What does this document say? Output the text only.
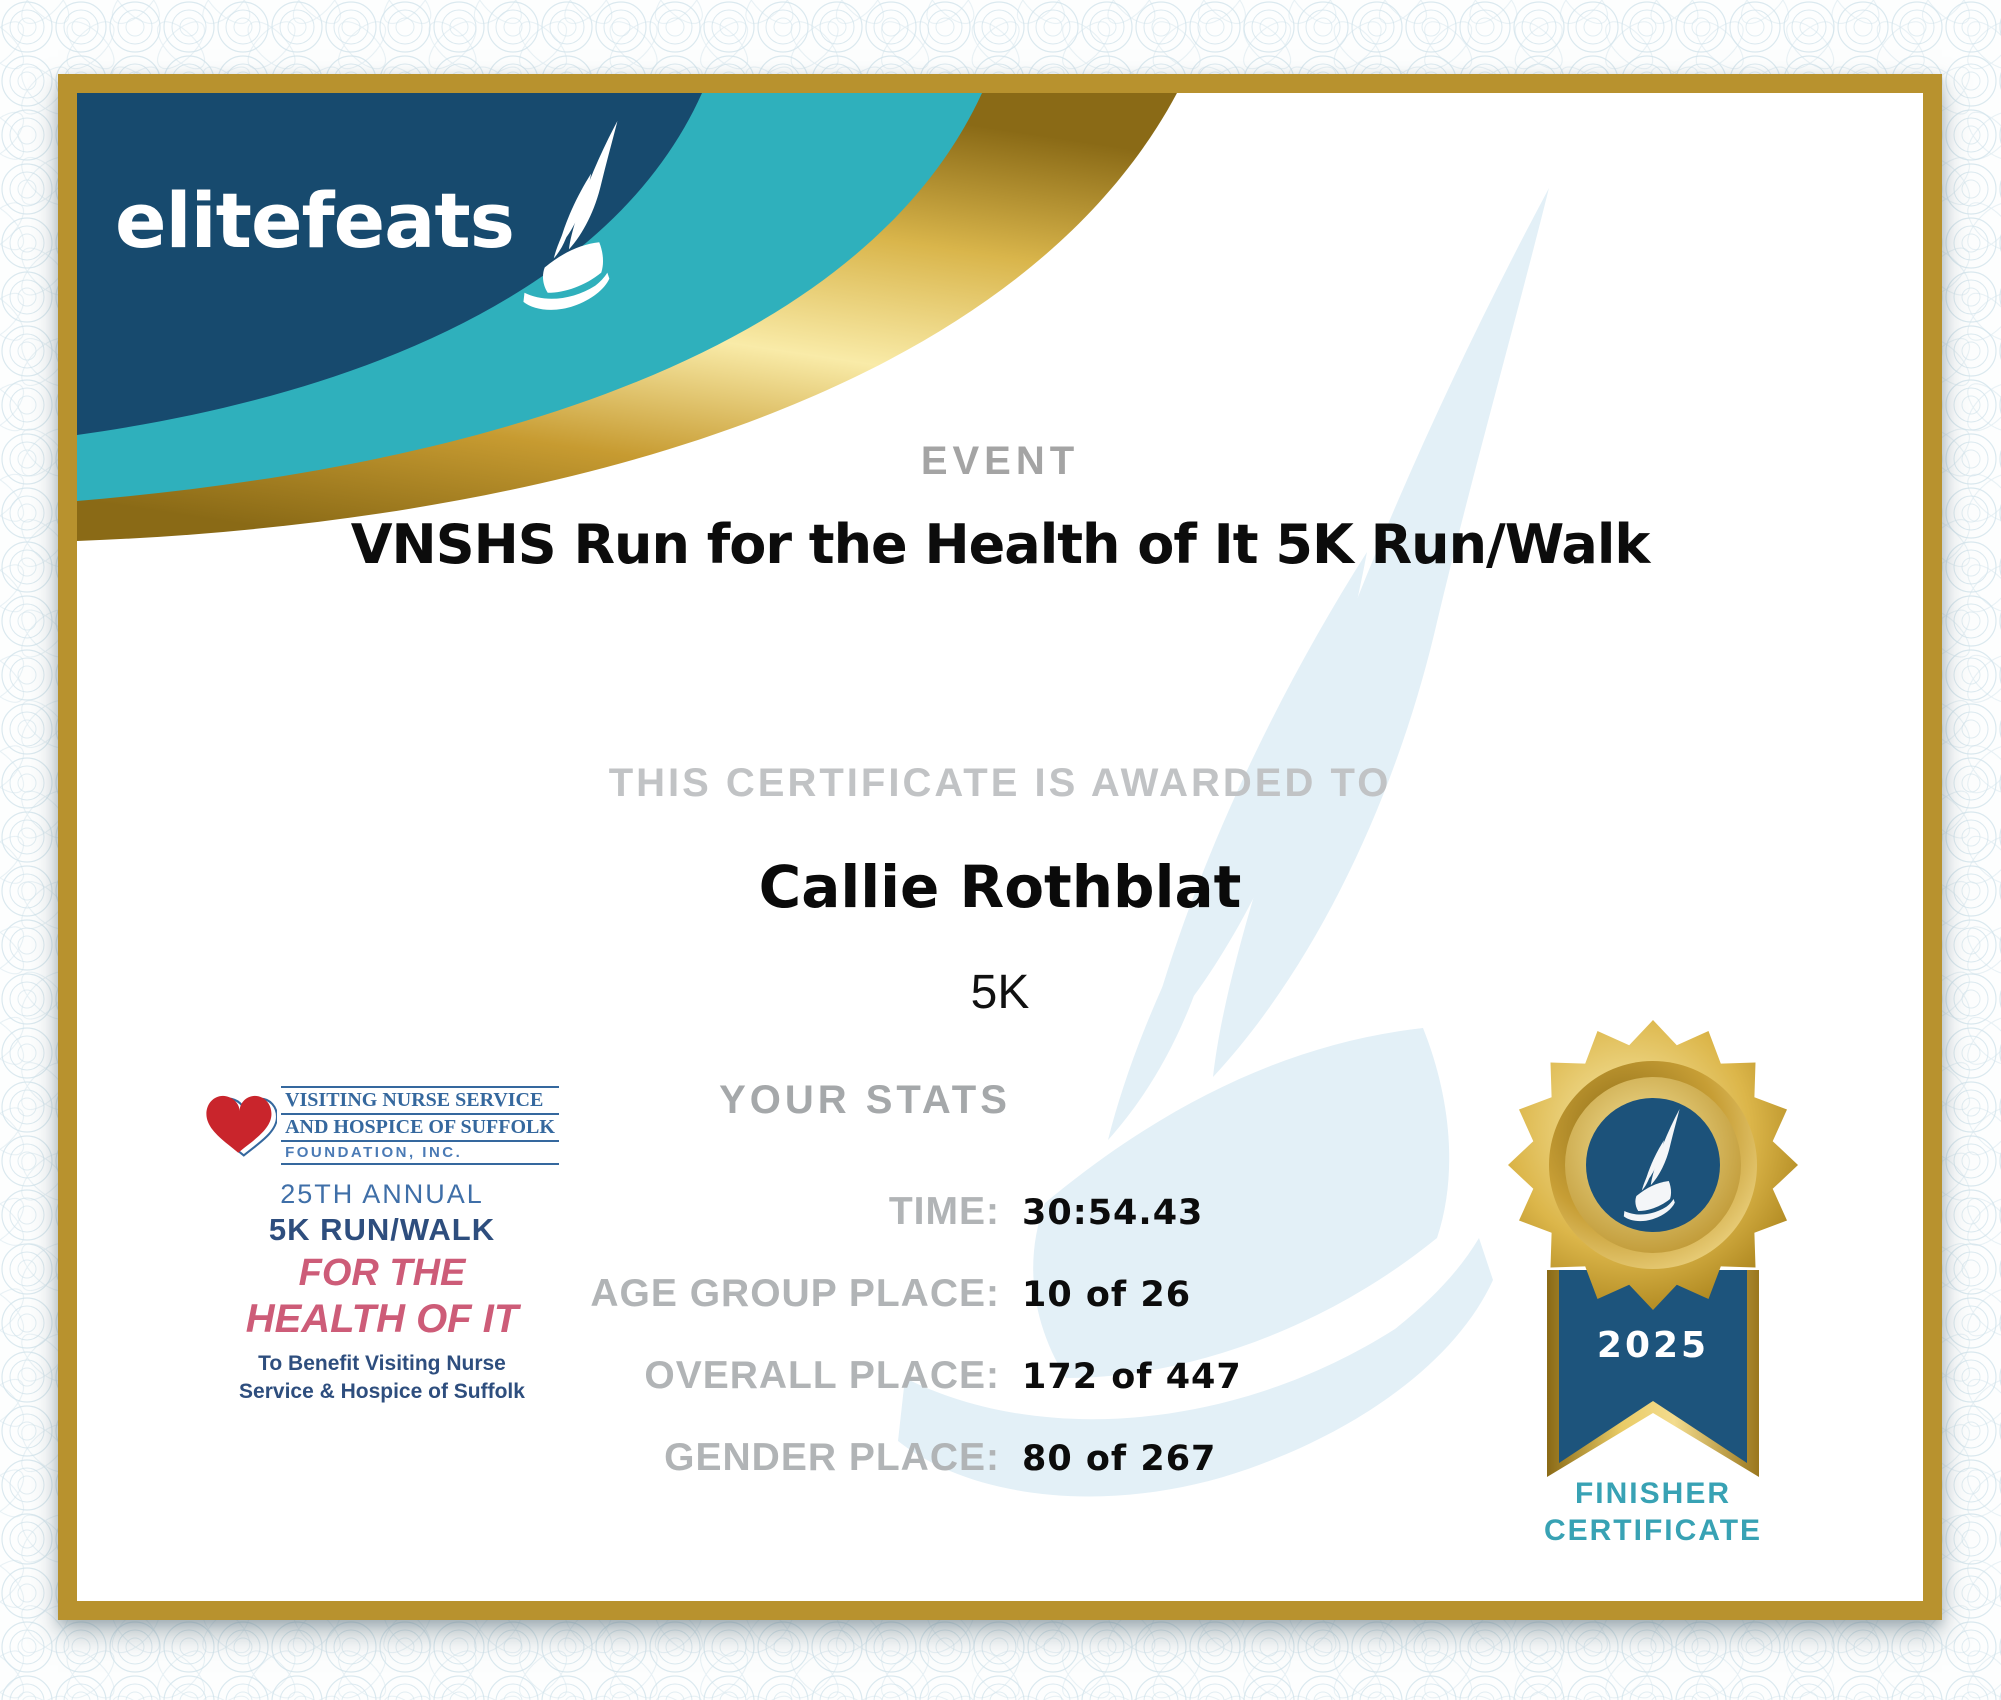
elitefeats
EVENT
VNSHS Run for the Health of It 5K Run/Walk
THIS CERTIFICATE IS AWARDED TO
Callie Rothblat
5K
YOUR STATS
TIME: 30:54.43
AGE GROUP PLACE: 10 of 26
OVERALL PLACE: 172 of 447
GENDER PLACE: 80 of 267
VISITING NURSE SERVICE
AND HOSPICE OF SUFFOLK
FOUNDATION, INC.
25TH ANNUAL
5K RUN/WALK
FOR THE
HEALTH OF IT
To Benefit Visiting Nurse
Service & Hospice of Suffolk
2025
FINISHER
CERTIFICATE
